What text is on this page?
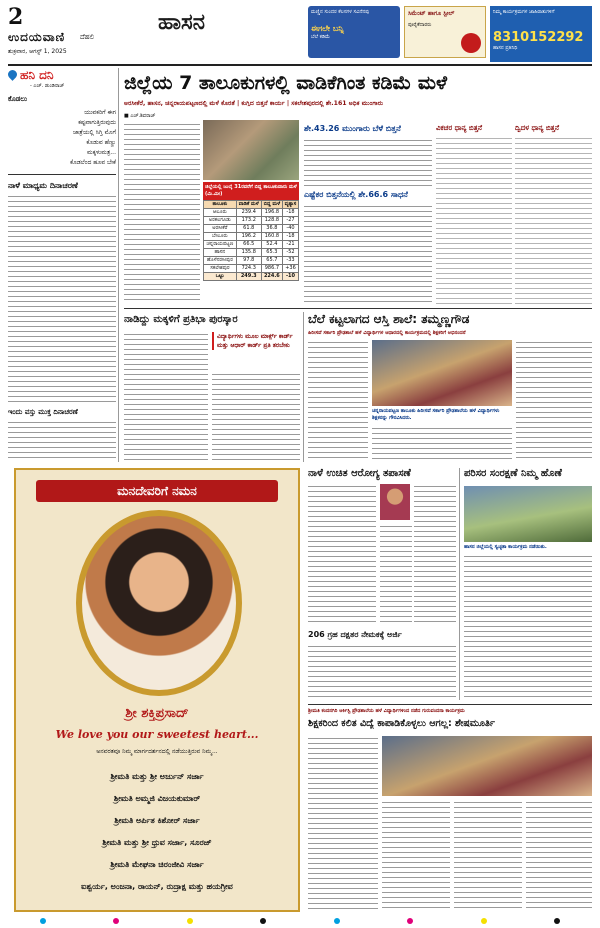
2
ಉದಯವಾಣಿ ದೆಹಲಿ
ಶುಕ್ರವಾರ, ಆಗಸ್ಟ್ 1, 2025
ಹಾಸನ	ಮಣ್ಣಿನ ಸುಂದರ ಕೆಲಸಗಳ ಸವಿನೆನಪು
ಈಗಲೇ ಬನ್ನಿ
ಬೆಲೆ ಕಡಿಮೆ
ಸಿಮೆಂಟ್ ಹಾಗೂ ಸ್ಟೀಲ್
ಪೂರೈಕೆದಾರರು
ನಿಮ್ಮ ಕಾರ್ಯಕ್ರಮಗಳ ಜಾಹಿರಾತುಗಳಿಗೆ
8310152292
ಹಾಸನ ಪ್ರತಿನಿಧಿ
ಹನಿ ದನಿ
- ಎಚ್. ಡುಂಡಿರಾಜ್
ಕೊಡಲು
ಯುವಕರಿಗೆ ಈಗ
ಕಷ್ಟವಾಗುತ್ತಿರುವುದು
ಜಾತ್ರೆಯಲ್ಲಿ ಸಿಗ್ತಿ ಮೊಗೆ
ಕೊಡುವ ಹೆಣ್ಣು
ಮಕ್ಕಳುಮತ್ರ...
ಕೊಡಲೆಂದ ಹೂವ ಬೇಕೆ
ನಾಳೆ ಮಾಧ್ಯಮ ದಿನಾಚರಣೆ
ಇಂದು ವಸ್ತು ಮುಕ್ತ ದಿನಾಚರಣೆ
ಜಿಲ್ಲೆಯ 7 ತಾಲೂಕುಗಳಲ್ಲಿ ವಾಡಿಕೆಗಿಂತ ಕಡಿಮೆ ಮಳೆ
ಅರಸೀಕೆರೆ, ಹಾಸನ, ಚನ್ನರಾಯಪಟ್ಟಣದಲ್ಲಿ ಮಳೆ ಕೊರತೆ | ಕುಗ್ಗಿದ ಬಿತ್ತನೆ ಕಾರ್ಯ | ಸಕಲೇಶಪುರದಲ್ಲಿ ಶೇ.161 ಅಧಿಕ ಮುಂಗಾರು
■ ಎಚ್.ಶಿವರಾಜ್
ಜಿಲ್ಲೆಯಲ್ಲಿ ಜುಲೈ 31ರವರೆಗೆ ಬಿದ್ದ ತಾಲೂಕುವಾರು ಮಳೆ (ಮಿ.ಮೀ)
ತಾಲೂಕು	ವಾಡಿಕೆ ಮಳೆ	ಬಿದ್ದ ಮಳೆ	ವ್ಯತ್ಯಾಸ
ಆಲೂರು	239.4	196.8	-18
ಅರಕಲಗೂಡು	173.2	128.8	-27
ಅರಸೀಕೆರೆ	61.8	36.8	-40
ಬೇಲೂರು	196.2	160.8	-18
ಚನ್ನರಾಯಪಟ್ಟಣ	66.5	52.4	-21
ಹಾಸನ	135.8	65.3	-52
ಹೊಳೆನರಸೀಪುರ	97.8	65.7	-33
ಸಕಲೇಶಪುರ	724.3	986.7	+36
ಒಟ್ಟು	249.3	224.6	-10
ಶೇ.43.26 ಮುಂಗಾರು ಬೆಳೆ ಬಿತ್ತನೆ
ಎಷ್ಟೆಕರ ಬಿತ್ತನೆಯಲ್ಲಿ ಶೇ.66.6 ಸಾಧನೆ
ವಿಕಚರ ಧಾನ್ಯ ಬಿತ್ತನೆ	ದ್ವಿದಳ ಧಾನ್ಯ ಬಿತ್ತನೆ
ನಾಡಿದ್ದು ಮಕ್ಕಳಿಗೆ ಪ್ರತಿಭಾ ಪುರಸ್ಕಾರ
ವಿದ್ಯಾರ್ಥಿಗಳು ಮೂಲ ಮಾರ್ಕ್ಸ್ ಕಾರ್ಡ್ ಮತ್ತು ಆಧಾರ್ ಕಾರ್ಡ್ ಪ್ರತಿ ತರಬೇಕು
ಬೆಲೆ ಕಟ್ಟಲಾಗದ ಆಸ್ತಿ ಶಾಲೆ: ತಮ್ಮಣ್ಣಗೌಡ
ಹಿರೀಸವೆ ಸರ್ಕಾರಿ ಪ್ರೌಢಶಾಲೆ ಹಳೆ ವಿದ್ಯಾರ್ಥಿಗಳ ಆಧಾರದಲ್ಲಿ ಕಾರ್ಯಕ್ರಮದಲ್ಲಿ ಶಿಕ್ಷಕರಿಗೆ ಅಭಿನಂದನೆ
ಚನ್ನರಾಯಪಟ್ಟಣ ತಾಲೂಕು ಹಿರೀಸವೆ ಸರ್ಕಾರಿ ಪ್ರೌಢಶಾಲೆಯ ಹಳೆ ವಿದ್ಯಾರ್ಥಿಗಳು ಶಿಕ್ಷಕರನ್ನು ಗೌರವಿಸಿದರು.
ಮನದೇವರಿಗೆ ನಮನ
ಶ್ರೀ ಶಕ್ತಿಪ್ರಸಾದ್
We love you our sweetest heart...
ಅನವರತವೂ ನಿಮ್ಮ ಮಾರ್ಗದರ್ಶನದಲ್ಲಿ ನಡೆಯುತ್ತಿರುವ ನಿಮ್ಮ...
ಶ್ರೀಮತಿ ಮತ್ತು ಶ್ರೀ ಅರ್ಜುನ್ ಸರ್ಜಾ
ಶ್ರೀಮತಿ ಅಮ್ಮಜಿ ವಿಜಯಕುಮಾರ್
ಶ್ರೀಮತಿ ಅರ್ಪಿತ ಕಿಶೋರ್ ಸರ್ಜಾ
ಶ್ರೀಮತಿ ಮತ್ತು ಶ್ರೀ ಧ್ರುವ ಸರ್ಜಾ, ಸೂರಜ್
ಶ್ರೀಮತಿ ಮೇಘನಾ ಚಿರಂಜೀವಿ ಸರ್ಜಾ
ಐಶ್ವರ್ಯ, ಅಂಜನಾ, ರಾಯನ್, ರುದ್ರಾಕ್ಷ ಮತ್ತು ಹಯಗ್ರೀವ
ನಾಳೆ ಉಚಿತ ಆರೋಗ್ಯ ತಪಾಸಣೆ
206 ಗ್ರಹ ದಕ್ಷತರ ನೇಮಕಕ್ಕೆ ಅರ್ಜಿ
ಪರಿಸರ ಸಂರಕ್ಷಣೆ ನಿಮ್ಮ ಹೊಣೆ
ಹಾಸನ ಜಿಲ್ಲೆಯಲ್ಲಿ ಸ್ವಚ್ಛತಾ ಕಾರ್ಯಕ್ರಮ ನಡೆಯಿತು.
ಶ್ರೀಮತಿ ಕಂದನಗಿರಿ ಆರ್ಕಿಸ್ಟಿ ಪ್ರೌಢಶಾಲೆಯ ಹಳೆ ವಿದ್ಯಾರ್ಥಿಗಳಿಂದ ನಡೆದ ಗುರುವಂದನಾ ಕಾರ್ಯಕ್ರಮ
ಶಿಕ್ಷಕರಿಂದ ಕಲಿತ ವಿದ್ಯೆ ಕಾಪಾಡಿಕೊಳ್ಳಲು ಆಗಲ್ಲ: ಶೇಷಮೂರ್ತಿ
